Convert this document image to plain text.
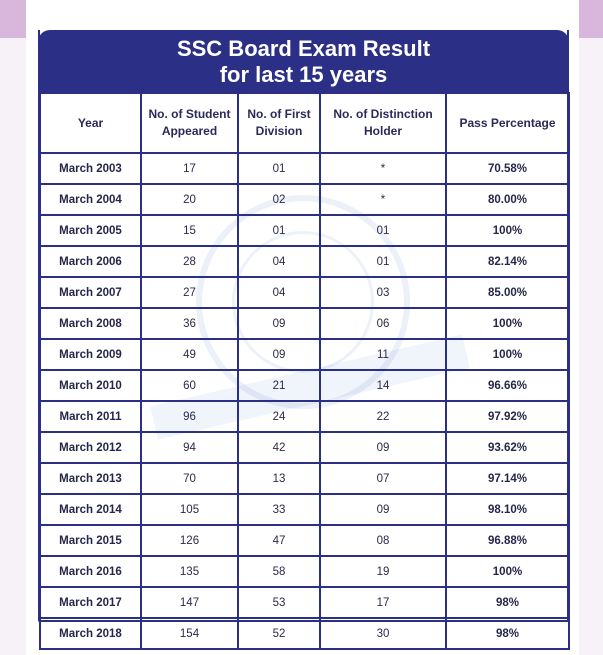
SSC Board Exam Result
for last 15 years
Year	No. of Student Appeared	No. of First Division	No. of Distinction Holder	Pass Percentage
March 2003	17	01	*	70.58%
March 2004	20	02	*	80.00%
March 2005	15	01	01	100%
March 2006	28	04	01	82.14%
March 2007	27	04	03	85.00%
March 2008	36	09	06	100%
March 2009	49	09	11	100%
March 2010	60	21	14	96.66%
March 2011	96	24	22	97.92%
March 2012	94	42	09	93.62%
March 2013	70	13	07	97.14%
March 2014	105	33	09	98.10%
March 2015	126	47	08	96.88%
March 2016	135	58	19	100%
March 2017	147	53	17	98%
March 2018	154	52	30	98%
